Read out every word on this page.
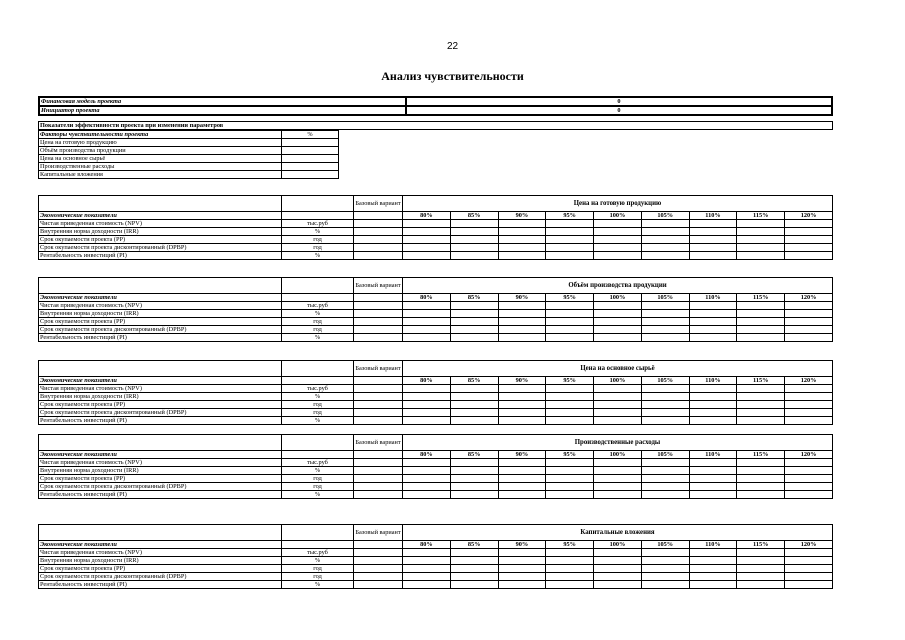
22
Анализ чувствительности
Финансовая модель проекта	0
Инициатор проекта	0
Показатели эффективности проекта при изменении параметров
Факторы чувствительности проекта	%
Цена на готовую продукцию	
Объём производства продукции	
Цена на основное сырьё	
Производственные расходы	
Капитальные вложения	
		Базовый вариант	Цена на готовую продукцию								
Экономические показатели			80%	85%	90%	95%	100%	105%	110%	115%	120%
Чистая приведенная стоимость (NPV)	тыс.руб										
Внутренняя норма доходности (IRR)	%										
Срок окупаемости проекта (PP)	год										
Срок окупаемости проекта дисконтированный (DPBP)	год										
Рентабельность инвестиций (PI)	%										
		Базовый вариант	Объём производства продукции								
Экономические показатели			80%	85%	90%	95%	100%	105%	110%	115%	120%
Чистая приведенная стоимость (NPV)	тыс.руб										
Внутренняя норма доходности (IRR)	%										
Срок окупаемости проекта (PP)	год										
Срок окупаемости проекта дисконтированный (DPBP)	год										
Рентабельность инвестиций (PI)	%										
		Базовый вариант	Цена на основное сырьё								
Экономические показатели			80%	85%	90%	95%	100%	105%	110%	115%	120%
Чистая приведенная стоимость (NPV)	тыс.руб										
Внутренняя норма доходности (IRR)	%										
Срок окупаемости проекта (PP)	год										
Срок окупаемости проекта дисконтированный (DPBP)	год										
Рентабельность инвестиций (PI)	%										
		Базовый вариант	Производственные расходы								
Экономические показатели			80%	85%	90%	95%	100%	105%	110%	115%	120%
Чистая приведенная стоимость (NPV)	тыс.руб										
Внутренняя норма доходности (IRR)	%										
Срок окупаемости проекта (PP)	год										
Срок окупаемости проекта дисконтированный (DPBP)	год										
Рентабельность инвестиций (PI)	%										
		Базовый вариант	Капитальные вложения								
Экономические показатели			80%	85%	90%	95%	100%	105%	110%	115%	120%
Чистая приведенная стоимость (NPV)	тыс.руб										
Внутренняя норма доходности (IRR)	%										
Срок окупаемости проекта (PP)	год										
Срок окупаемости проекта дисконтированный (DPBP)	год										
Рентабельность инвестиций (PI)	%										
